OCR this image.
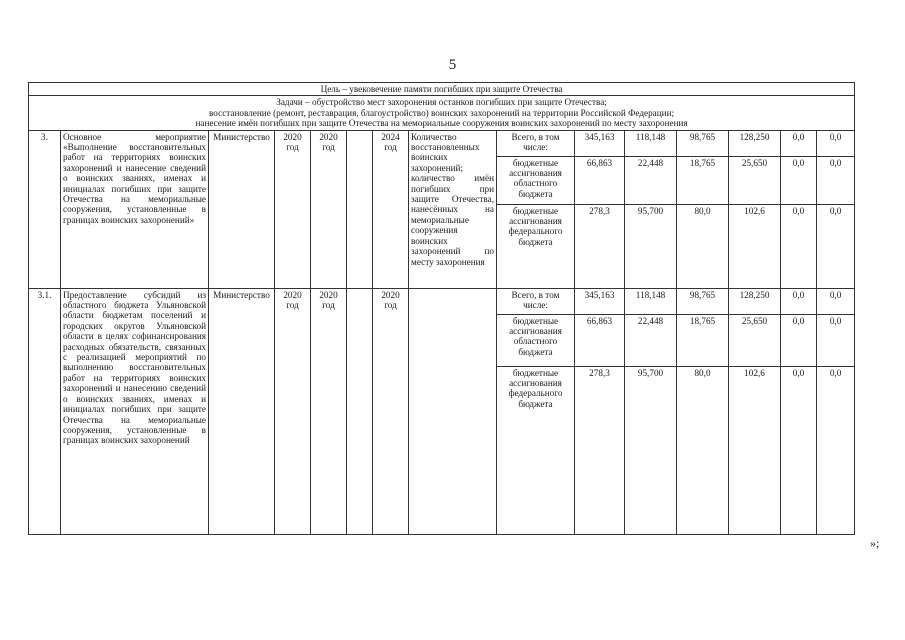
5
Цель – увековечение памяти погибших при защите Отечества														

Задачи – обустройство мест захоронения останков погибших при защите Отечества;
восстановление (ремонт, реставрация, благоустройство) воинских захоронений на территории Российской Федерации;
нанесение имён погибших при защите Отечества на мемориальные сооружения воинских захоронений по месту захоронения														

3.	Основное мероприятие «Выполнение восстановительных работ на территориях воинских захоронений и нанесение сведений о воинских званиях, именах и инициалах погибших при защите Отечества на мемориальные сооружения, установленные в границах воинских захоронений»	Министерство	2020 год	2020 год		2024 год	Количество восстановленных воинских захоронений; количество имён погибших при защите Отечества, нанесённых на мемориальные сооружения воинских захоронений по месту захоронения	Всего, в том числе:	345,163	118,148	98,765	128,250	0,0	0,0
								бюджетные ассигнования областного бюджета	66,863	22,448	18,765	25,650	0,0	0,0
								бюджетные ассигнования федерального бюджета	278,3	95,700	80,0	102,6	0,0	0,0
3.1.	Предоставление субсидий из областного бюджета Ульяновской области бюджетам поселений и городских округов Ульяновской области в целях софинансирования расходных обязательств, связанных с реализацией мероприятий по выполнению восстановительных работ на территориях воинских захоронений и нанесению сведений о воинских званиях, именах и инициалах погибших при защите Отечества на мемориальные сооружения, установленные в границах воинских захоронений	Министерство	2020 год	2020 год		2020 год		Всего, в том числе:	345,163	118,148	98,765	128,250	0,0	0,0
								бюджетные ассигнования областного бюджета	66,863	22,448	18,765	25,650	0,0	0,0
								бюджетные ассигнования федерального бюджета	278,3	95,700	80,0	102,6	0,0	0,0
»;
